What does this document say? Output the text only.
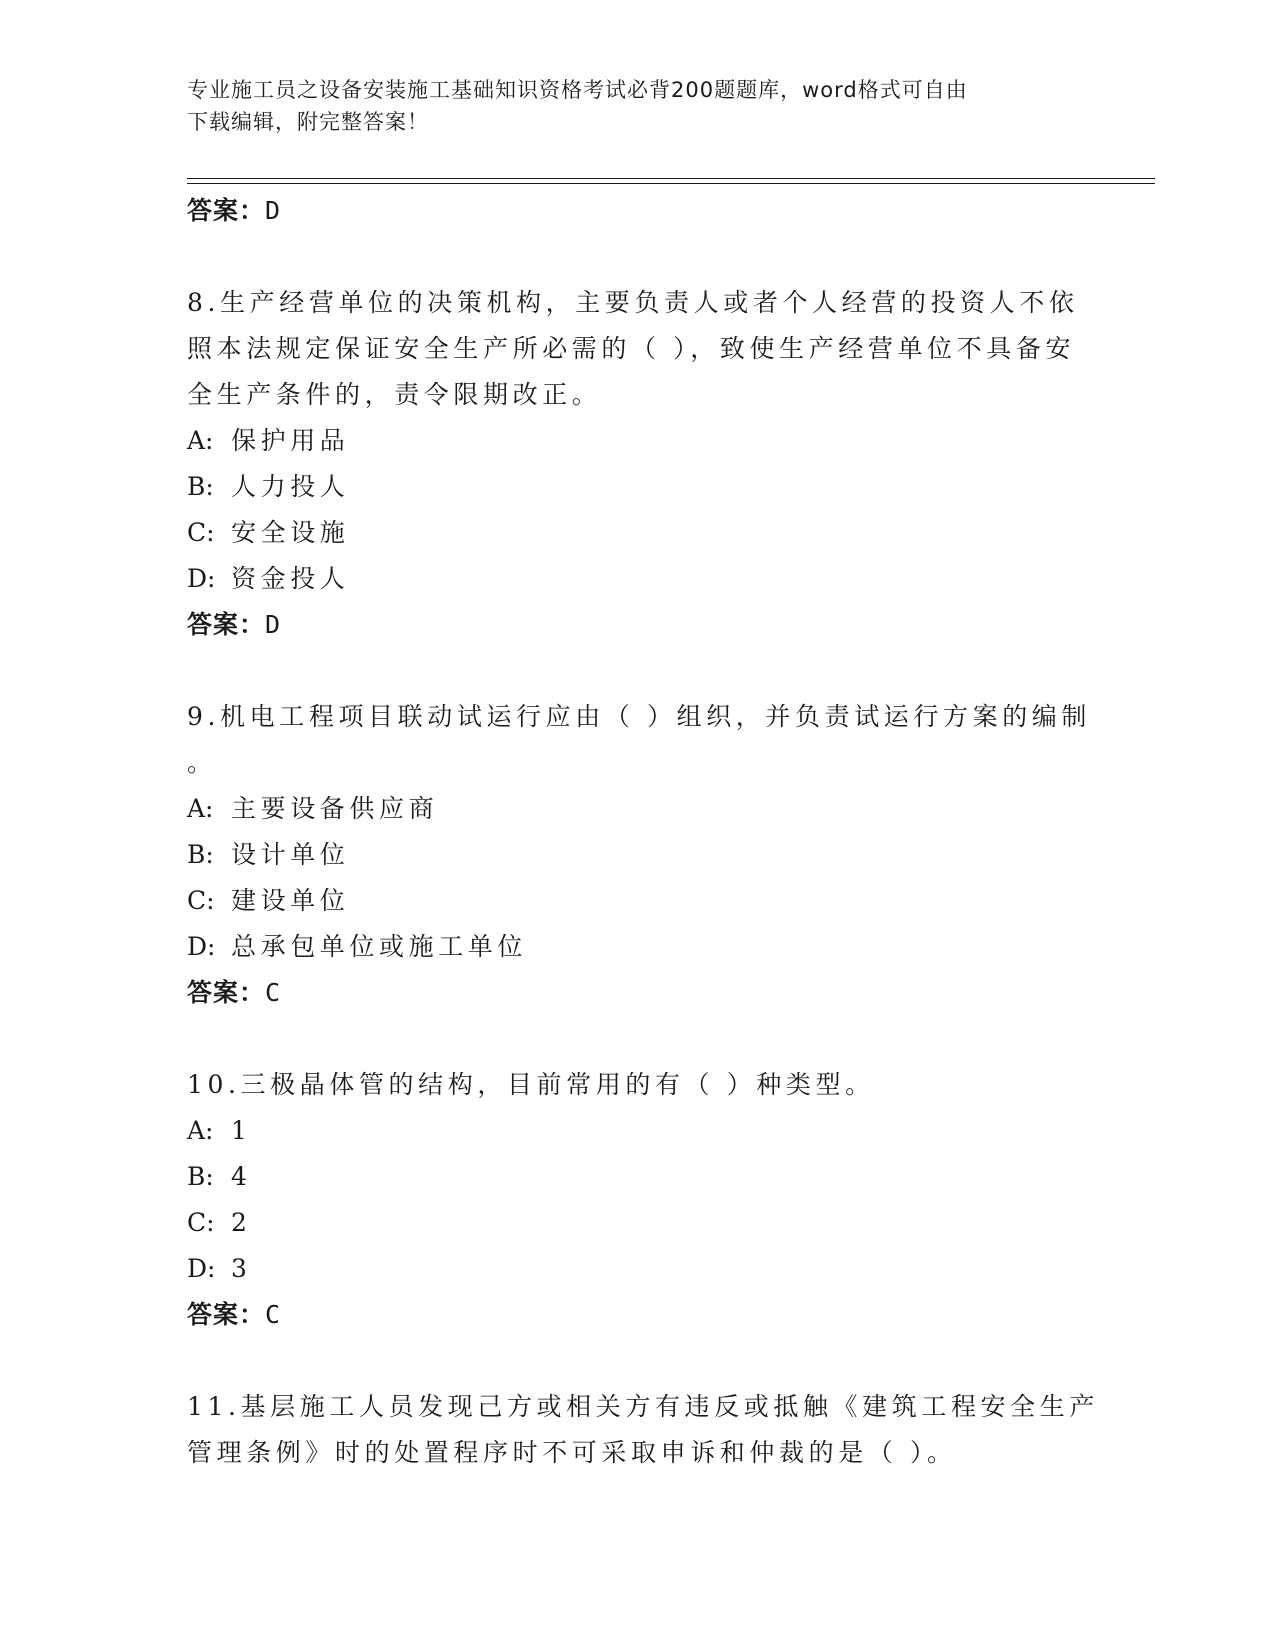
专业施工员之设备安装施工基础知识资格考试必背200题题库，word格式可自由
下载编辑，附完整答案！
答案：D
8.生产经营单位的决策机构，主要负责人或者个人经营的投资人不依
照本法规定保证安全生产所必需的（ ），致使生产经营单位不具备安
全生产条件的，责令限期改正。
A: 保护用品
B: 人力投人
C: 安全设施
D: 资金投人
答案：D
9.机电工程项目联动试运行应由（ ）组织，并负责试运行方案的编制
。
A: 主要设备供应商
B: 设计单位
C: 建设单位
D: 总承包单位或施工单位
答案：C
10.三极晶体管的结构，目前常用的有（ ）种类型。
A: 1
B: 4
C: 2
D: 3
答案：C
11.基层施工人员发现己方或相关方有违反或抵触《建筑工程安全生产
管理条例》时的处置程序时不可采取申诉和仲裁的是（ ）。
